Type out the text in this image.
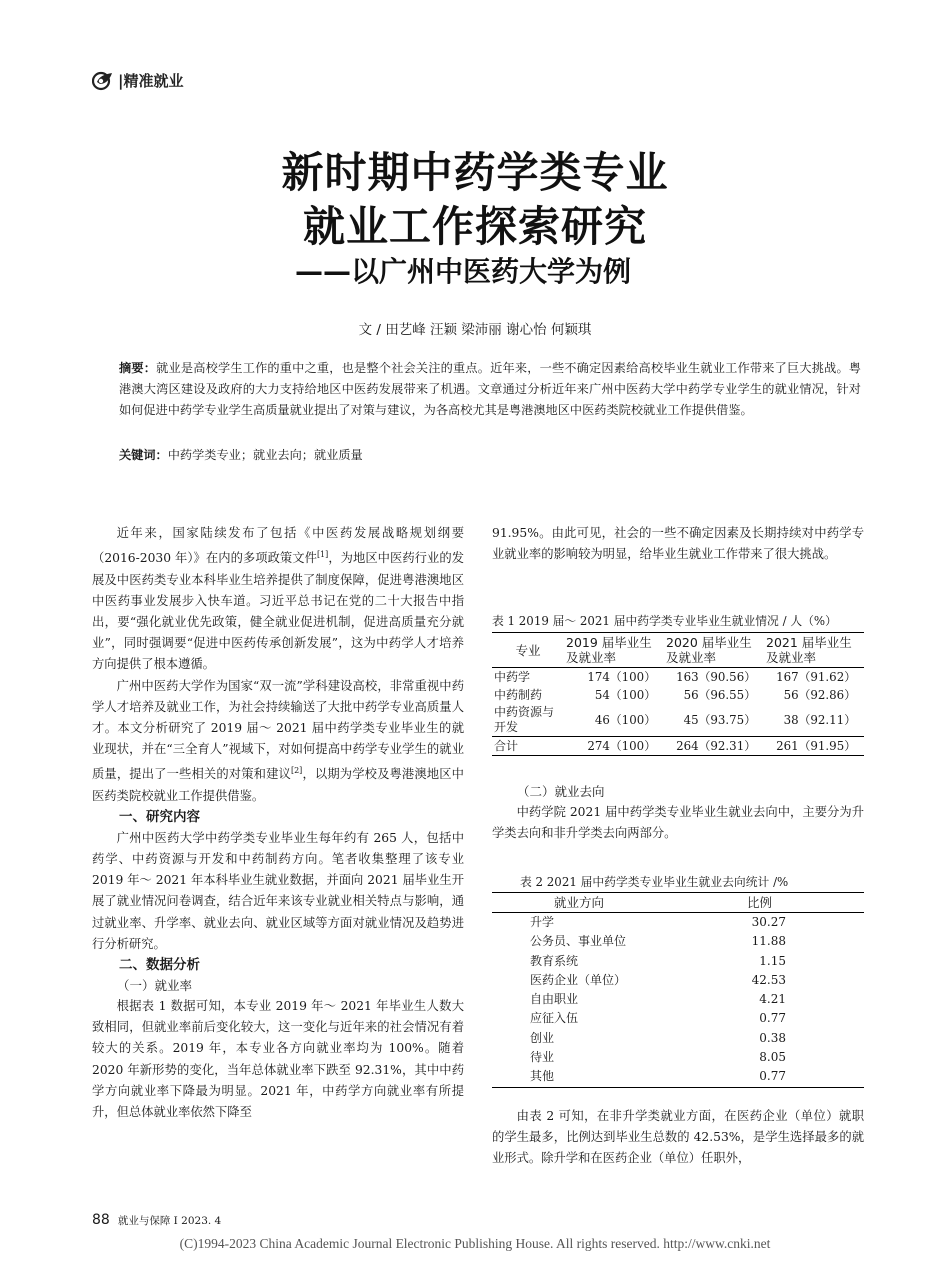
|精准就业
新时期中药学类专业
就业工作探索研究
——以广州中医药大学为例
文 / 田艺峰 汪颖 梁沛丽 谢心怡 何颖琪
摘要：就业是高校学生工作的重中之重，也是整个社会关注的重点。近年来，一些不确定因素给高校毕业生就业工作带来了巨大挑战。粤港澳大湾区建设及政府的大力支持给地区中医药发展带来了机遇。文章通过分析近年来广州中医药大学中药学专业学生的就业情况，针对如何促进中药学专业学生高质量就业提出了对策与建议，为各高校尤其是粤港澳地区中医药类院校就业工作提供借鉴。
关键词：中药学类专业；就业去向；就业质量

近年来，国家陆续发布了包括《中医药发展战略规划纲要（2016-2030 年）》在内的多项政策文件[1]，为地区中医药行业的发展及中医药类专业本科毕业生培养提供了制度保障，促进粤港澳地区中医药事业发展步入快车道。习近平总书记在党的二十大报告中指出，要“强化就业优先政策，健全就业促进机制，促进高质量充分就业”，同时强调要“促进中医药传承创新发展”，这为中药学人才培养方向提供了根本遵循。

广州中医药大学作为国家“双一流”学科建设高校，非常重视中药学人才培养及就业工作，为社会持续输送了大批中药学专业高质量人才。本文分析研究了 2019 届～ 2021 届中药学类专业毕业生的就业现状，并在“三全育人”视域下，对如何提高中药学专业学生的就业质量，提出了一些相关的对策和建议[2]，以期为学校及粤港澳地区中医药类院校就业工作提供借鉴。

一、研究内容

广州中医药大学中药学类专业毕业生每年约有 265 人，包括中药学、中药资源与开发和中药制药方向。笔者收集整理了该专业 2019 年～ 2021 年本科毕业生就业数据，并面向 2021 届毕业生开展了就业情况问卷调查，结合近年来该专业就业相关特点与影响，通过就业率、升学率、就业去向、就业区域等方面对就业情况及趋势进行分析研究。

二、数据分析
（一）就业率

根据表 1 数据可知，本专业 2019 年～ 2021 年毕业生人数大致相同，但就业率前后变化较大，这一变化与近年来的社会情况有着较大的关系。2019 年，本专业各方向就业率均为 100%。随着 2020 年新形势的变化，当年总体就业率下跌至 92.31%，其中中药学方向就业率下降最为明显。2021 年，中药学方向就业率有所提升，但总体就业率依然下降至

91.95%。由此可见，社会的一些不确定因素及长期持续对中药学专业就业率的影响较为明显，给毕业生就业工作带来了很大挑战。

表 1 2019 届～ 2021 届中药学类专业毕业生就业情况 / 人（%）
专业	2019 届毕业生及就业率	2020 届毕业生及就业率	2021 届毕业生及就业率
中药学	174（100）	163（90.56）	167（91.62）
中药制药	54（100）	56（96.55）	56（92.86）
中药资源与开发	46（100）	45（93.75）	38（92.11）
合计	274（100）	264（92.31）	261（91.95）
（二）就业去向

中药学院 2021 届中药学类专业毕业生就业去向中，主要分为升学类去向和非升学类去向两部分。

表 2 2021 届中药学类专业毕业生就业去向统计 /%
就业方向	比例
升学	30.27
公务员、事业单位	11.88
教育系统	1.15
医药企业（单位）	42.53
自由职业	4.21
应征入伍	0.77
创业	0.38
待业	8.05
其他	0.77

由表 2 可知，在非升学类就业方面，在医药企业（单位）就职的学生最多，比例达到毕业生总数的 42.53%，是学生选择最多的就业形式。除升学和在医药企业（单位）任职外，

88 就业与保障 I 2023. 4
(C)1994-2023 China Academic Journal Electronic Publishing House. All rights reserved. http://www.cnki.net
